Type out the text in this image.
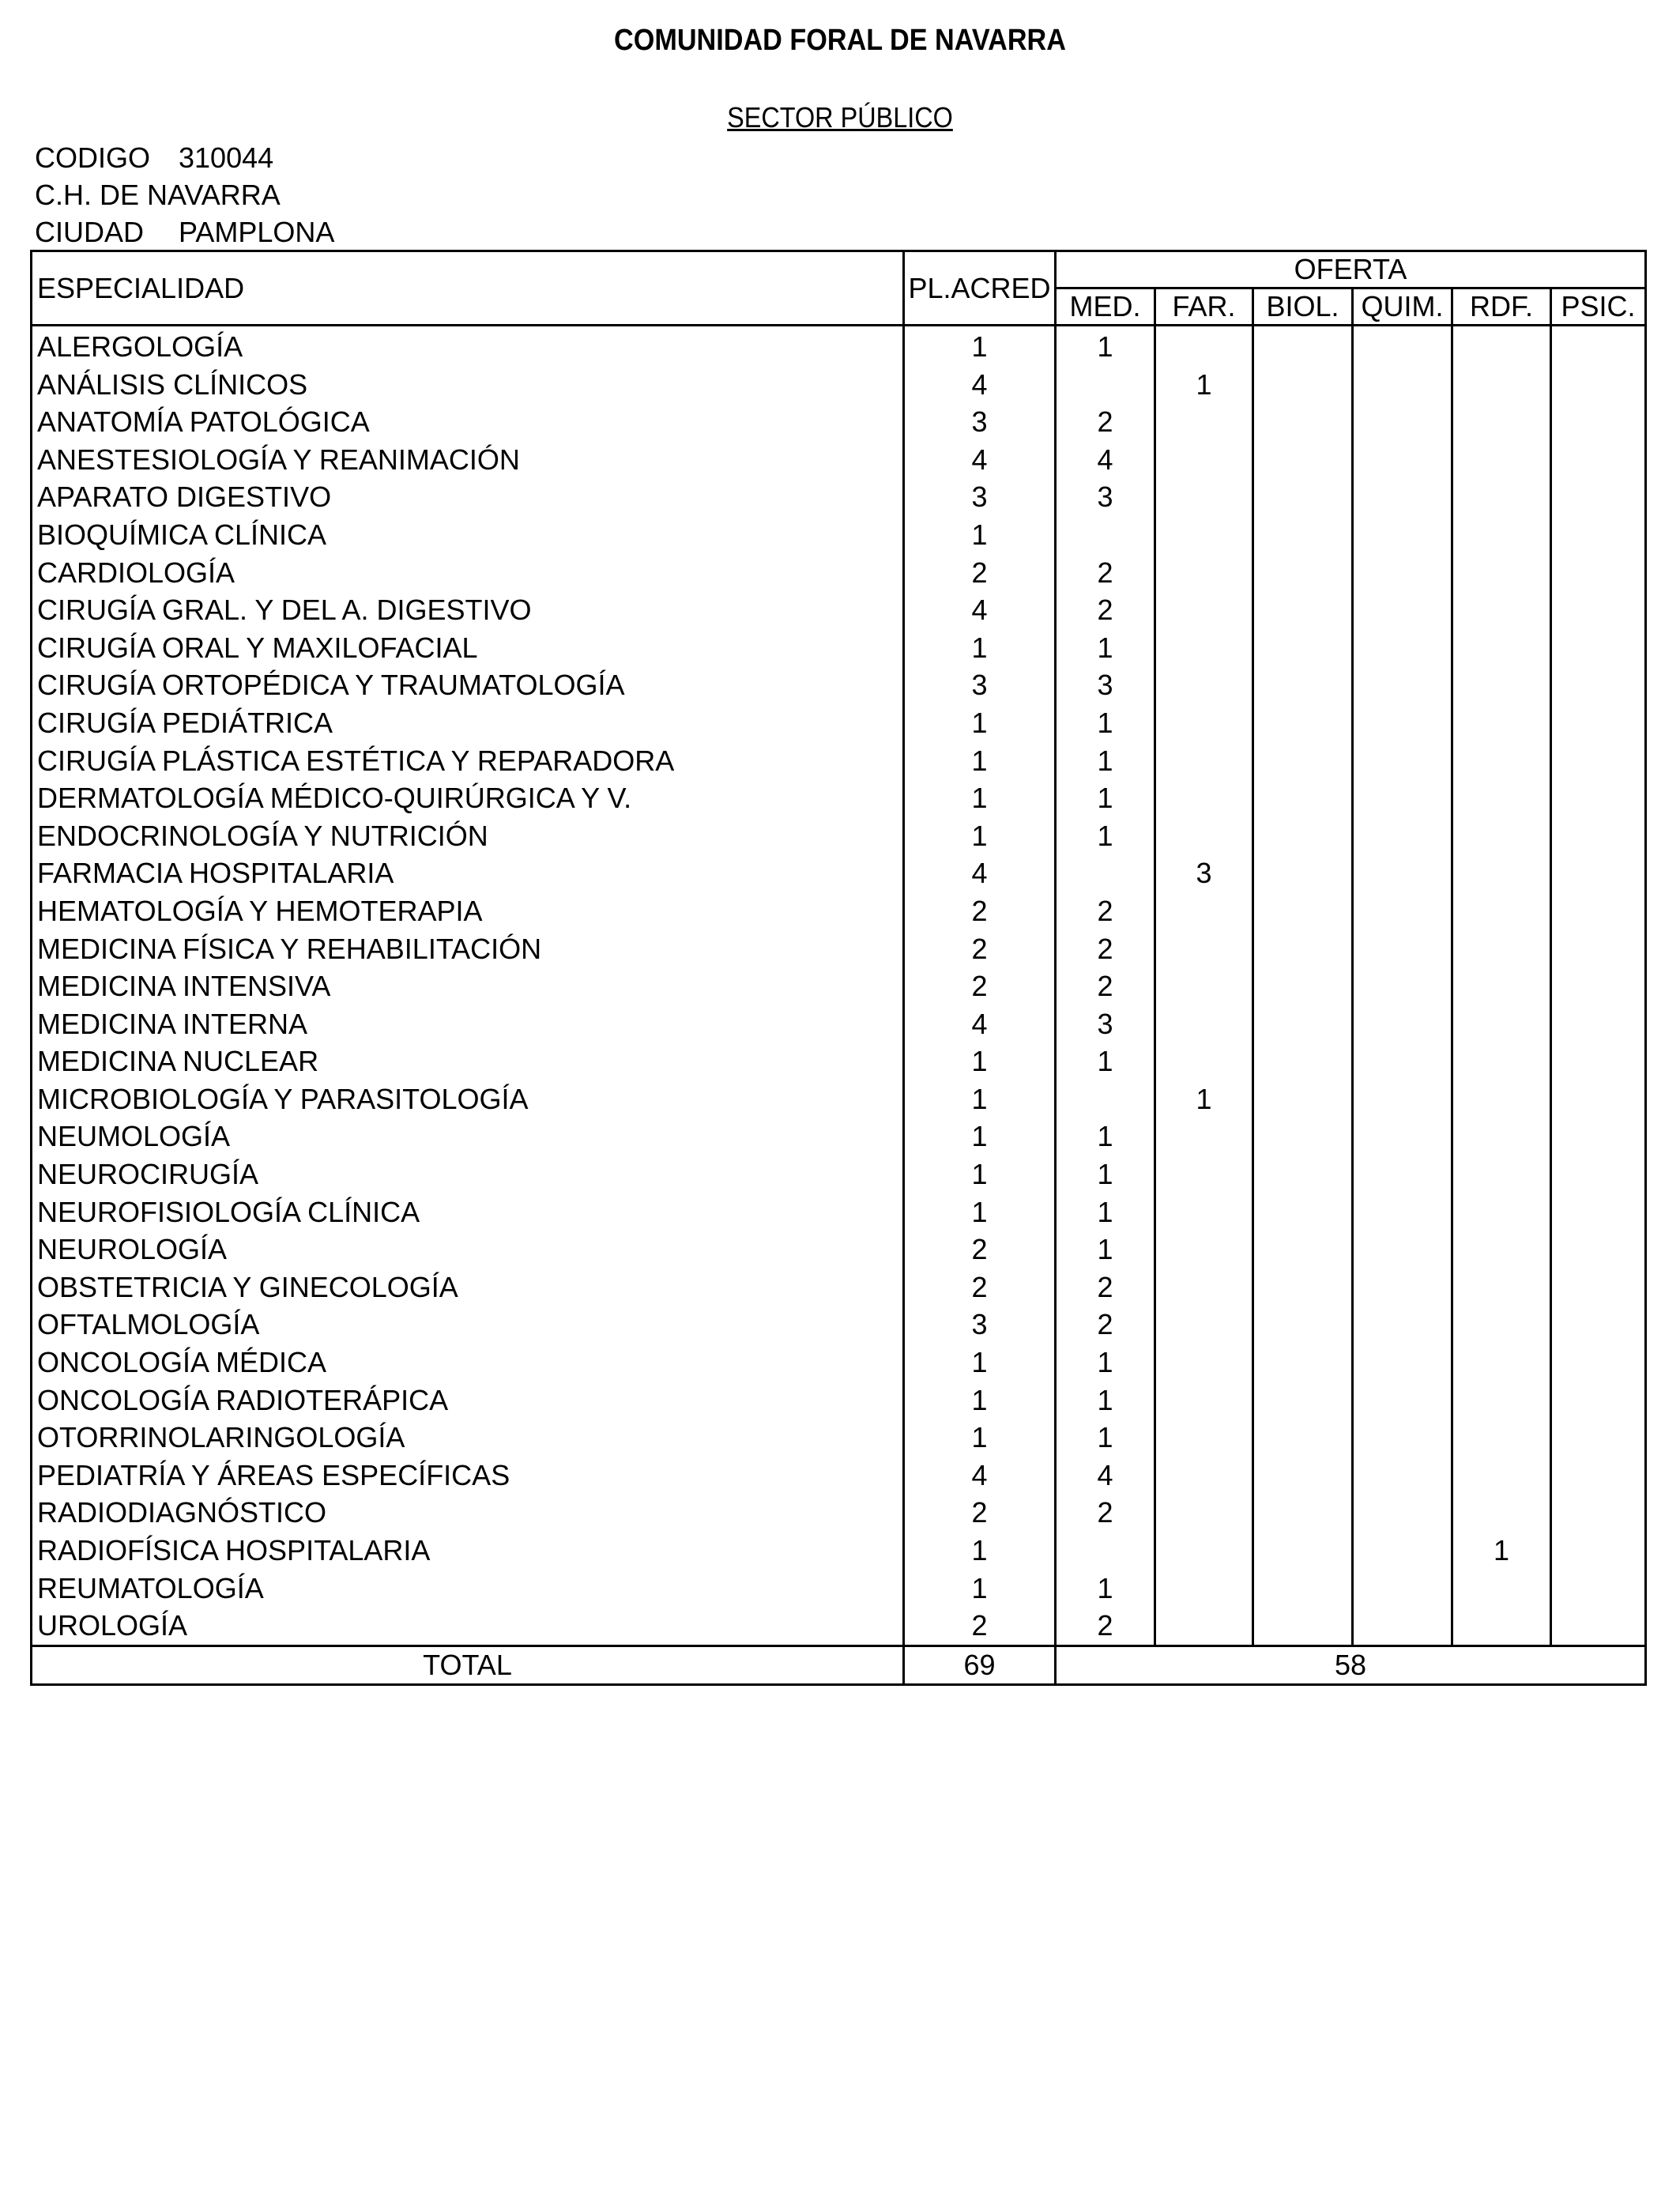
COMUNIDAD FORAL DE NAVARRA
SECTOR PÚBLICO
CODIGO 310044
C.H. DE NAVARRA
CIUDAD PAMPLONA
ESPECIALIDAD	PL.ACRED	OFERTA					
		MED.	FAR.	BIOL.	QUIM.	RDF.	PSIC.
ALERGOLOGÍA	1	1					
ANÁLISIS CLÍNICOS	4		1				
ANATOMÍA PATOLÓGICA	3	2					
ANESTESIOLOGÍA Y REANIMACIÓN	4	4					
APARATO DIGESTIVO	3	3					
BIOQUÍMICA CLÍNICA	1						
CARDIOLOGÍA	2	2					
CIRUGÍA GRAL. Y DEL A. DIGESTIVO	4	2					
CIRUGÍA ORAL Y MAXILOFACIAL	1	1					
CIRUGÍA ORTOPÉDICA Y TRAUMATOLOGÍA	3	3					
CIRUGÍA PEDIÁTRICA	1	1					
CIRUGÍA PLÁSTICA ESTÉTICA Y REPARADORA	1	1					
DERMATOLOGÍA MÉDICO-QUIRÚRGICA Y V.	1	1					
ENDOCRINOLOGÍA Y NUTRICIÓN	1	1					
FARMACIA HOSPITALARIA	4		3				
HEMATOLOGÍA Y HEMOTERAPIA	2	2					
MEDICINA FÍSICA Y REHABILITACIÓN	2	2					
MEDICINA INTENSIVA	2	2					
MEDICINA INTERNA	4	3					
MEDICINA NUCLEAR	1	1					
MICROBIOLOGÍA Y PARASITOLOGÍA	1		1				
NEUMOLOGÍA	1	1					
NEUROCIRUGÍA	1	1					
NEUROFISIOLOGÍA CLÍNICA	1	1					
NEUROLOGÍA	2	1					
OBSTETRICIA Y GINECOLOGÍA	2	2					
OFTALMOLOGÍA	3	2					
ONCOLOGÍA MÉDICA	1	1					
ONCOLOGÍA RADIOTERÁPICA	1	1					
OTORRINOLARINGOLOGÍA	1	1					
PEDIATRÍA Y ÁREAS ESPECÍFICAS	4	4					
RADIODIAGNÓSTICO	2	2					
RADIOFÍSICA HOSPITALARIA	1					1	
REUMATOLOGÍA	1	1					
UROLOGÍA	2	2					
TOTAL	69	58					
